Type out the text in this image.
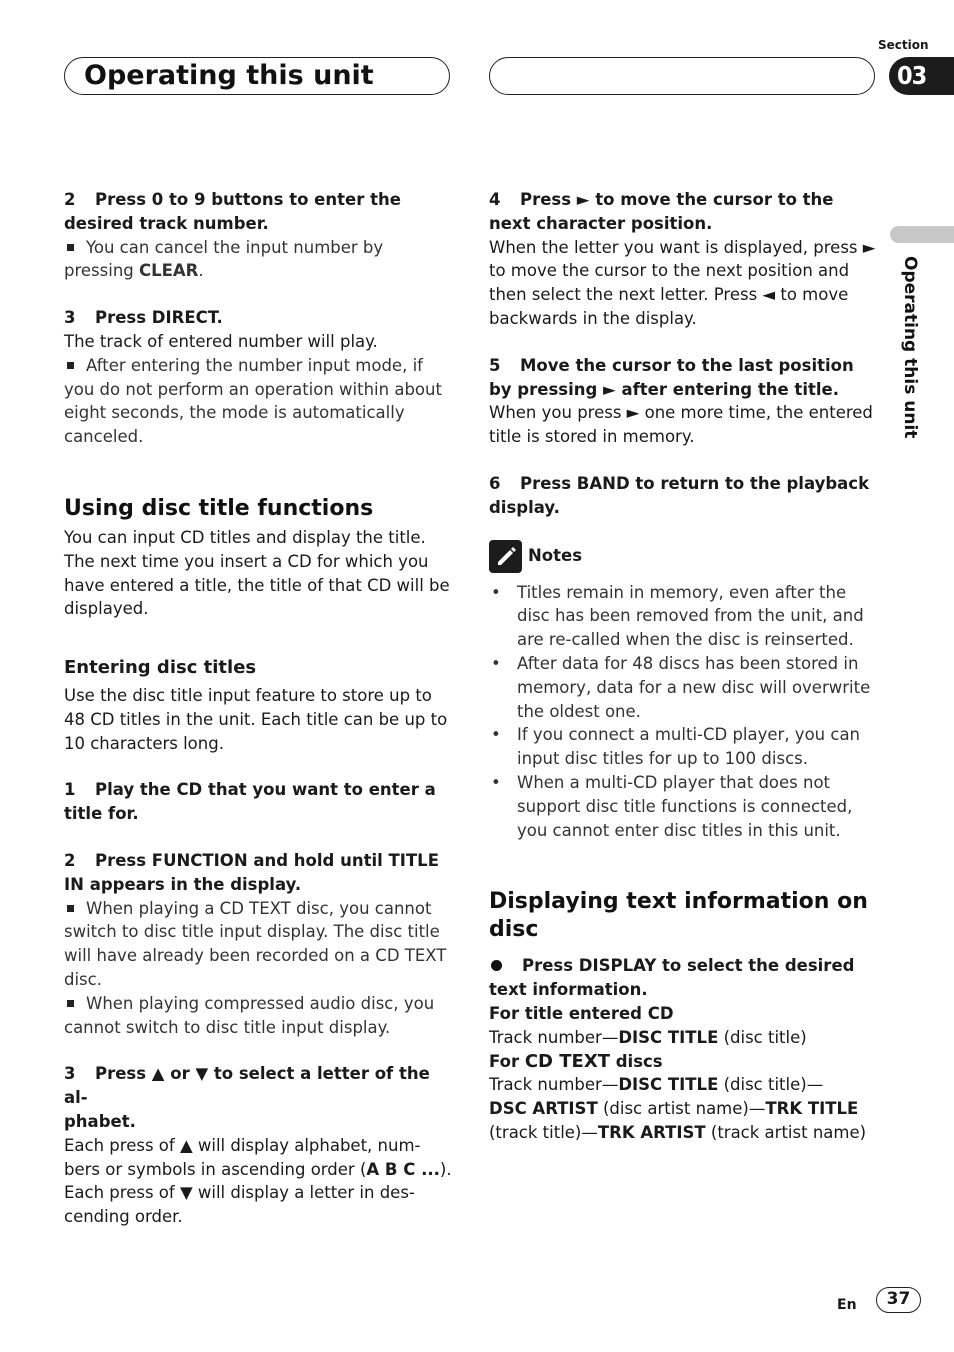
Operating this unit
Section
03
Operating this unit

2 Press 0 to 9 buttons to enter the desired track number.

You can cancel the input number by pressing CLEAR.

3 Press DIRECT.

The track of entered number will play.

After entering the number input mode, if you do not perform an operation within about eight seconds, the mode is automatically canceled.

Using disc title functions

You can input CD titles and display the title. The next time you insert a CD for which you have entered a title, the title of that CD will be displayed.

Entering disc titles

Use the disc title input feature to store up to 48 CD titles in the unit. Each title can be up to 10 characters long.

1 Play the CD that you want to enter a title for.

2 Press FUNCTION and hold until TITLE IN appears in the display.

When playing a CD TEXT disc, you cannot switch to disc title input display. The disc title will have already been recorded on a CD TEXT disc.

When playing compressed audio disc, you cannot switch to disc title input display.

3 Press ▲ or ▼ to select a letter of the al-
phabet.

Each press of ▲ will display alphabet, num-
bers or symbols in ascending order (A B C ...).
Each press of ▼ will display a letter in des-
cending order.

4 Press ► to move the cursor to the next character position.

When the letter you want is displayed, press ► to move the cursor to the next position and then select the next letter. Press ◄ to move backwards in the display.

5 Move the cursor to the last position by pressing ► after entering the title.

When you press ► one more time, the entered title is stored in memory.

6 Press BAND to return to the playback display.

Notes
• Titles remain in memory, even after the disc has been removed from the unit, and are re-called when the disc is reinserted.
• After data for 48 discs has been stored in memory, data for a new disc will overwrite the oldest one.
• If you connect a multi-CD player, you can input disc titles for up to 100 discs.
• When a multi-CD player that does not support disc title functions is connected, you cannot enter disc titles in this unit.

Displaying text information on disc

Press DISPLAY to select the desired text information.

For title entered CD

Track number—DISC TITLE (disc title)

For CD TEXT discs

Track number—DISC TITLE (disc title)—
DSC ARTIST (disc artist name)—TRK TITLE
(track title)—TRK ARTIST (track artist name)

En	37
